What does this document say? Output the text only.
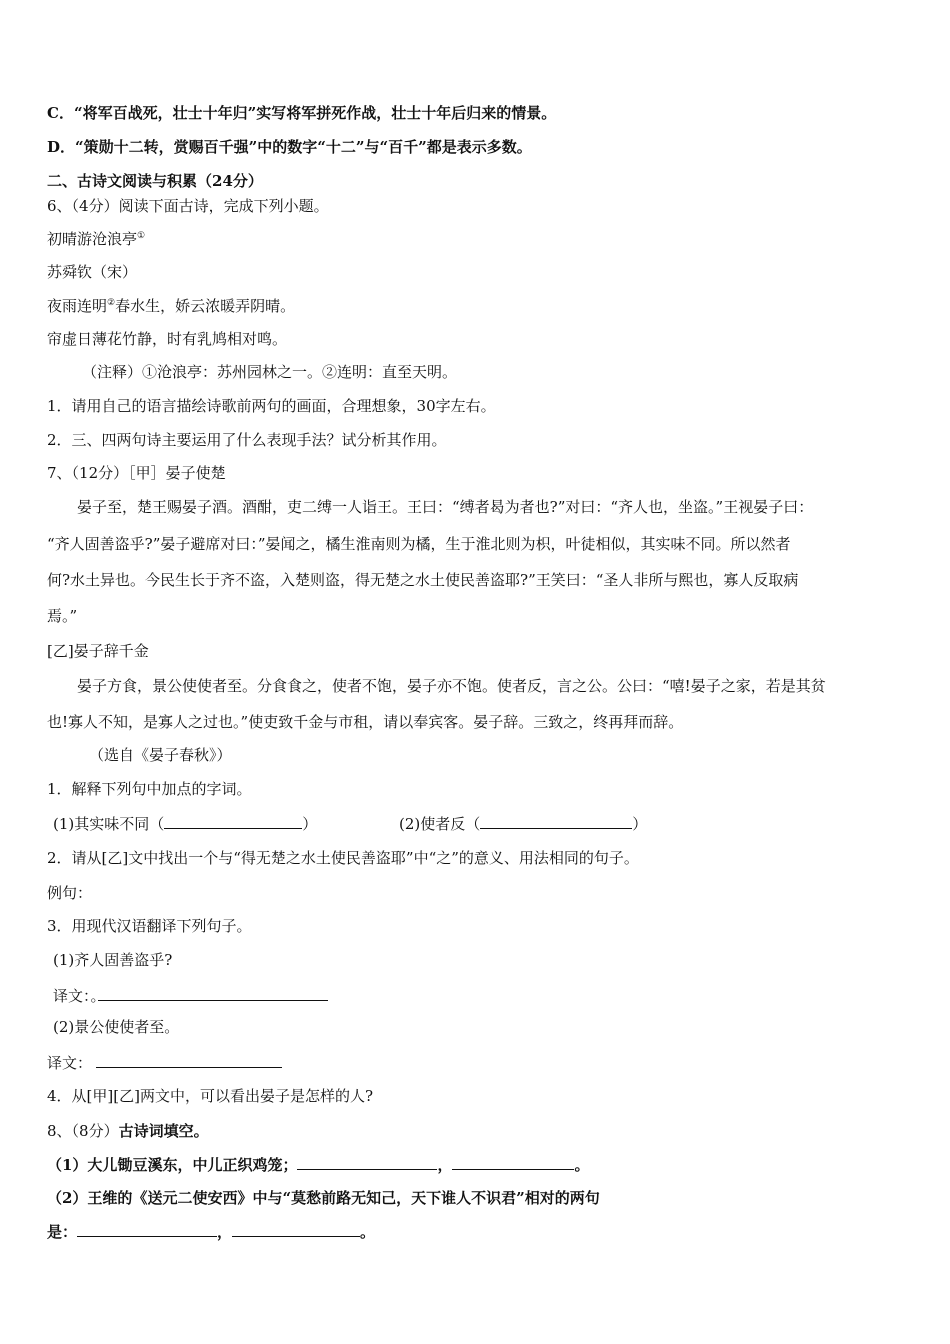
C．“将军百战死，壮士十年归”实写将军拼死作战，壮士十年后归来的情景。
D．“策勋十二转，赏赐百千强”中的数字“十二”与“百千”都是表示多数。
二、古诗文阅读与积累（24分）
6、（4分）阅读下面古诗，完成下列小题。
初晴游沧浪亭①
苏舜钦（宋）
夜雨连明②春水生，娇云浓暖弄阴晴。
帘虚日薄花竹静，时有乳鸠相对鸣。
（注释）①沧浪亭：苏州园林之一。②连明：直至天明。
1．请用自己的语言描绘诗歌前两句的画面，合理想象，30字左右。
2．三、四两句诗主要运用了什么表现手法？试分析其作用。
7、（12分）［甲］晏子使楚
晏子至，楚王赐晏子酒。酒酣，吏二缚一人诣王。王曰：“缚者曷为者也?”对曰：“齐人也，坐盗。”王视晏子曰：
“齐人固善盗乎?”晏子避席对曰：”晏闻之，橘生淮南则为橘，生于淮北则为枳，叶徒相似，其实味不同。所以然者
何?水土异也。今民生长于齐不盗，入楚则盗，得无楚之水土使民善盗耶?”王笑曰：“圣人非所与熙也，寡人反取病
焉。”
[乙]晏子辞千金
晏子方食，景公使使者至。分食食之，使者不饱，晏子亦不饱。使者反，言之公。公曰：“嘻!晏子之家，若是其贫
也!寡人不知，是寡人之过也。”使吏致千金与市租，请以奉宾客。晏子辞。三致之，终再拜而辞。
（选自《晏子春秋》）
1．解释下列句中加点的字词。
(1)其实味不同（	）	(2)使者反（	）
2．请从[乙]文中找出一个与“得无楚之水土使民善盗耶”中“之”的意义、用法相同的句子。
例句：
3．用现代汉语翻译下列句子。
(1)齐人固善盗乎?
译文：。
(2)景公使使者至。
译文：
4．从[甲][乙]两文中，可以看出晏子是怎样的人?
8、（8分）古诗词填空。
（1）大儿锄豆溪东，中儿正织鸡笼；	，	。
（2）王维的《送元二使安西》中与“莫愁前路无知己，天下谁人不识君”相对的两句
是：	，	。
